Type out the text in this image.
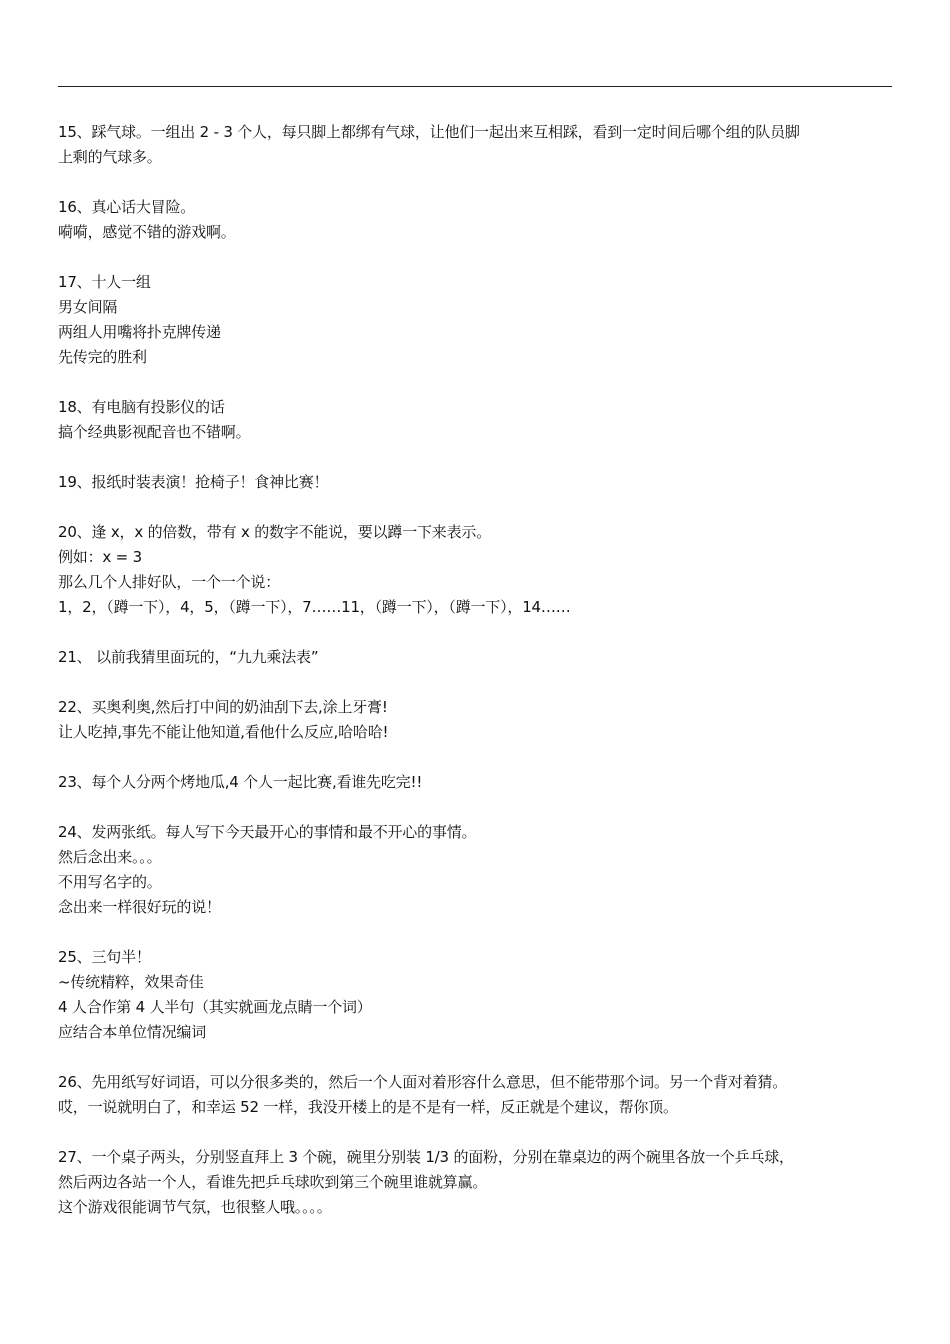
15、踩气球。一组出 2 - 3 个人，每只脚上都绑有气球，让他们一起出来互相踩，看到一定时间后哪个组的队员脚
上剩的气球多。
16、真心话大冒险。
嗬嗬，感觉不错的游戏啊。
17、十人一组
男女间隔
两组人用嘴将扑克牌传递
先传完的胜利
18、有电脑有投影仪的话
搞个经典影视配音也不错啊。
19、报纸时装表演！抢椅子！食神比赛！
20、逢 x，x 的倍数，带有 x 的数字不能说，要以蹲一下来表示。
例如：x = 3
那么几个人排好队，一个一个说：
1，2，（蹲一下），4，5，（蹲一下），7……11，（蹲一下），（蹲一下），14……
21、 以前我猜里面玩的，“九九乘法表”
22、买奥利奥,然后打中间的奶油刮下去,涂上牙膏!
让人吃掉,事先不能让他知道,看他什么反应,哈哈哈!
23、每个人分两个烤地瓜,4 个人一起比赛,看谁先吃完!!
24、发两张纸。每人写下今天最开心的事情和最不开心的事情。
然后念出来。。。
不用写名字的。
念出来一样很好玩的说！
25、三句半！
~传统精粹，效果奇佳
4 人合作第 4 人半句（其实就画龙点睛一个词）
应结合本单位情况编词
26、先用纸写好词语，可以分很多类的，然后一个人面对着形容什么意思，但不能带那个词。另一个背对着猜。
哎，一说就明白了，和幸运 52 一样，我没开楼上的是不是有一样，反正就是个建议，帮你顶。
27、一个桌子两头，分别竖直拜上 3 个碗，碗里分别装 1/3 的面粉，分别在靠桌边的两个碗里各放一个乒乓球，
然后两边各站一个人，看谁先把乒乓球吹到第三个碗里谁就算赢。
这个游戏很能调节气氛，也很整人哦。。。。
